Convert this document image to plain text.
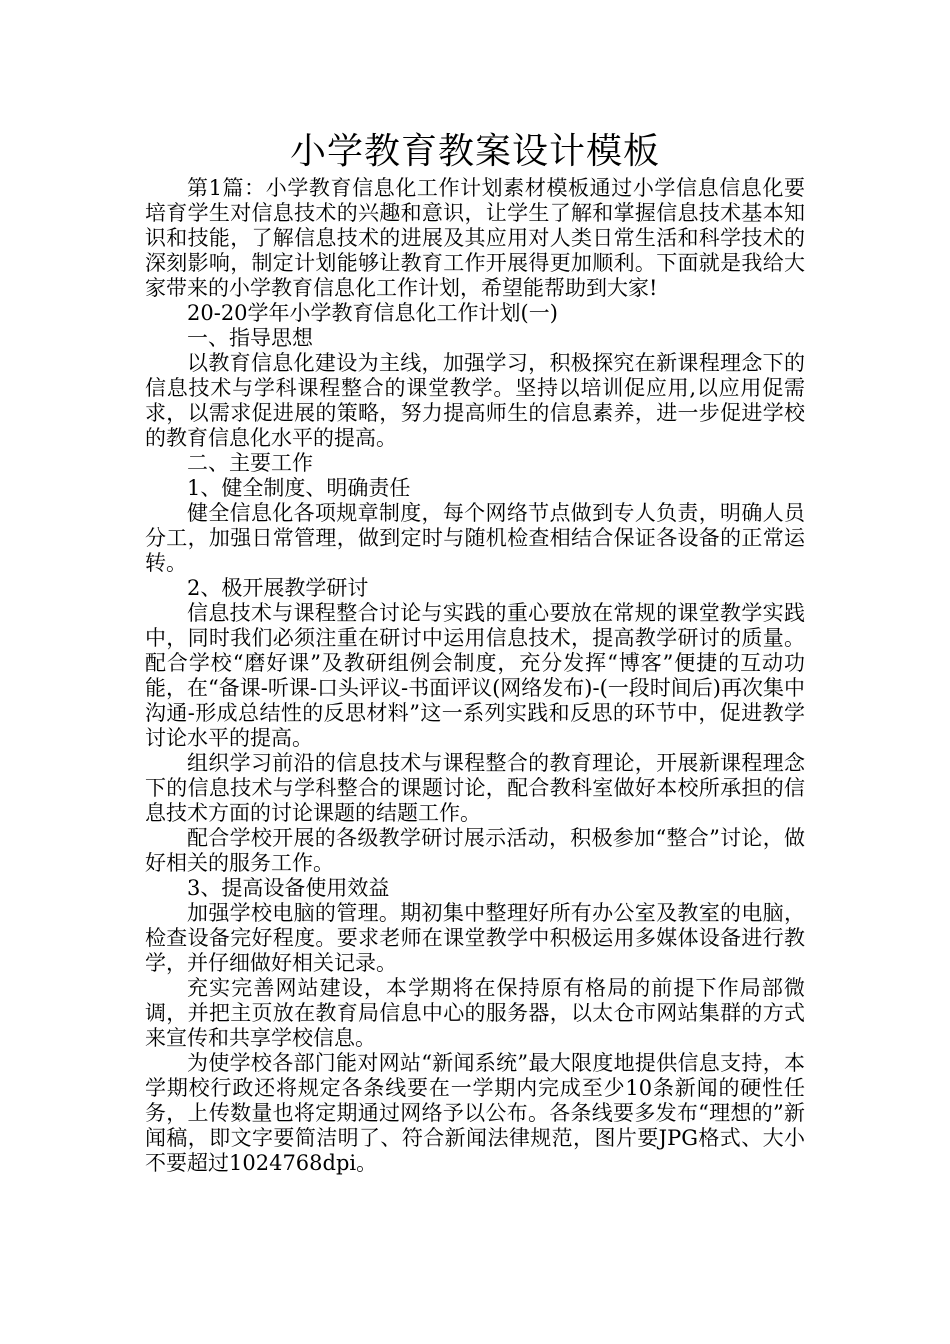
小学教育教案设计模板

第1篇：小学教育信息化工作计划素材模板通过小学信息信息化要培育学生对信息技术的兴趣和意识，让学生了解和掌握信息技术基本知识和技能，了解信息技术的进展及其应用对人类日常生活和科学技术的深刻影响，制定计划能够让教育工作开展得更加顺利。下面就是我给大家带来的小学教育信息化工作计划，希望能帮助到大家!

20-20学年小学教育信息化工作计划(一)

一、指导思想

以教育信息化建设为主线，加强学习，积极探究在新课程理念下的信息技术与学科课程整合的课堂教学。坚持以培训促应用,以应用促需求，以需求促进展的策略，努力提高师生的信息素养，进一步促进学校的教育信息化水平的提高。

二、主要工作

1、健全制度、明确责任

健全信息化各项规章制度，每个网络节点做到专人负责，明确人员分工，加强日常管理，做到定时与随机检查相结合保证各设备的正常运转。

2、极开展教学研讨

信息技术与课程整合讨论与实践的重心要放在常规的课堂教学实践中，同时我们必须注重在研讨中运用信息技术，提高教学研讨的质量。配合学校“磨好课”及教研组例会制度，充分发挥“博客”便捷的互动功能，在“备课-听课-口头评议-书面评议(网络发布)-(一段时间后)再次集中沟通-形成总结性的反思材料”这一系列实践和反思的环节中，促进教学讨论水平的提高。

组织学习前沿的信息技术与课程整合的教育理论，开展新课程理念下的信息技术与学科整合的课题讨论，配合教科室做好本校所承担的信息技术方面的讨论课题的结题工作。

配合学校开展的各级教学研讨展示活动，积极参加“整合”讨论，做好相关的服务工作。

3、提高设备使用效益

加强学校电脑的管理。期初集中整理好所有办公室及教室的电脑，检查设备完好程度。要求老师在课堂教学中积极运用多媒体设备进行教学，并仔细做好相关记录。

充实完善网站建设，本学期将在保持原有格局的前提下作局部微调，并把主页放在教育局信息中心的服务器，以太仓市网站集群的方式来宣传和共享学校信息。

为使学校各部门能对网站“新闻系统”最大限度地提供信息支持，本学期校行政还将规定各条线要在一学期内完成至少10条新闻的硬性任务，上传数量也将定期通过网络予以公布。各条线要多发布“理想的”新闻稿，即文字要简洁明了、符合新闻法律规范，图片要JPG格式、大小不要超过1024768dpi。
